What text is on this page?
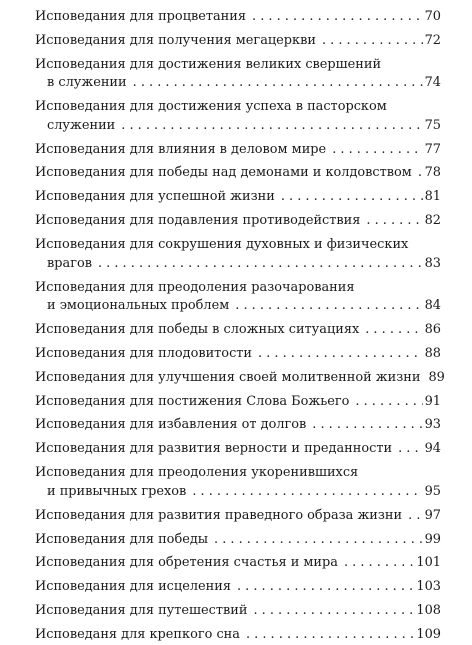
Исповедания для процветания . . .	70
Исповедания для получения мегацеркви . . .	72
Исповедания для достижения великих свершений
в служении . . .	74
Исповедания для достижения успеха в пасторском
служении . . .	75
Исповедания для влияния в деловом мире . . .	77
Исповедания для победы над демонами и колдовством . . . 78
Исповедания для успешной жизни . . .	81
Исповедания для подавления противодействия . . .	82
Исповедания для сокрушения духовных и физических
врагов . . .	83
Исповедания для преодоления разочарования
и эмоциональных проблем . . .	84
Исповедания для победы в сложных ситуациях . . .	86
Исповедания для плодовитости . . .	88
Исповедания для улучшения своей молитвенной жизни 89
Исповедания для постижения Слова Божьего . . .	91
Исповедания для избавления от долгов . . .	93
Исповедания для развития верности и преданности . . .	94
Исповедания для преодоления укоренившихся
и привычных грехов . . .	95
Исповедания для развития праведного образа жизни . . . 97
Исповедания для победы . . .	99
Исповедания для обретения счастья и мира . . .	101
Исповедания для исцеления . . .	103
Исповедания для путешествий . . .	108
Исповеданя для крепкого сна . . .	109
